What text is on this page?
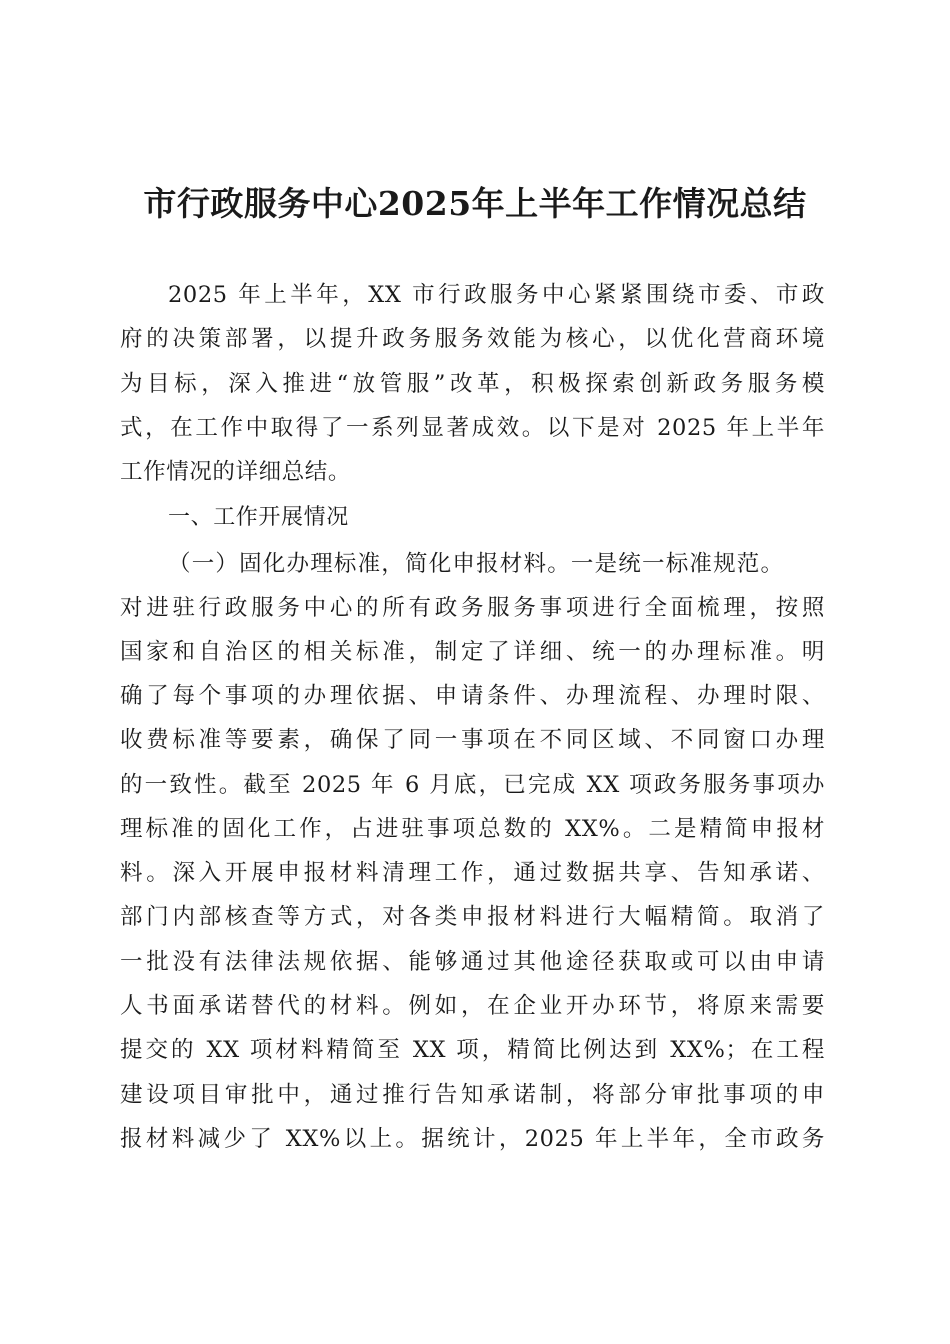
市行政服务中心2025年上半年工作情况总结
2025 年上半年，XX 市行政服务中心紧紧围绕市委、市政
府的决策部署，以提升政务服务效能为核心，以优化营商环境
为目标，深入推进“放管服”改革，积极探索创新政务服务模
式，在工作中取得了一系列显著成效。以下是对 2025 年上半年
工作情况的详细总结。
一、工作开展情况
（一）固化办理标准，简化申报材料。一是统一标准规范。
对进驻行政服务中心的所有政务服务事项进行全面梳理，按照
国家和自治区的相关标准，制定了详细、统一的办理标准。明
确了每个事项的办理依据、申请条件、办理流程、办理时限、
收费标准等要素，确保了同一事项在不同区域、不同窗口办理
的一致性。截至 2025 年 6 月底，已完成 XX 项政务服务事项办
理标准的固化工作，占进驻事项总数的 XX%。二是精简申报材
料。深入开展申报材料清理工作，通过数据共享、告知承诺、
部门内部核查等方式，对各类申报材料进行大幅精简。取消了
一批没有法律法规依据、能够通过其他途径获取或可以由申请
人书面承诺替代的材料。例如，在企业开办环节，将原来需要
提交的 XX 项材料精简至 XX 项，精简比例达到 XX%；在工程
建设项目审批中，通过推行告知承诺制，将部分审批事项的申
报材料减少了 XX%以上。据统计，2025 年上半年，全市政务
